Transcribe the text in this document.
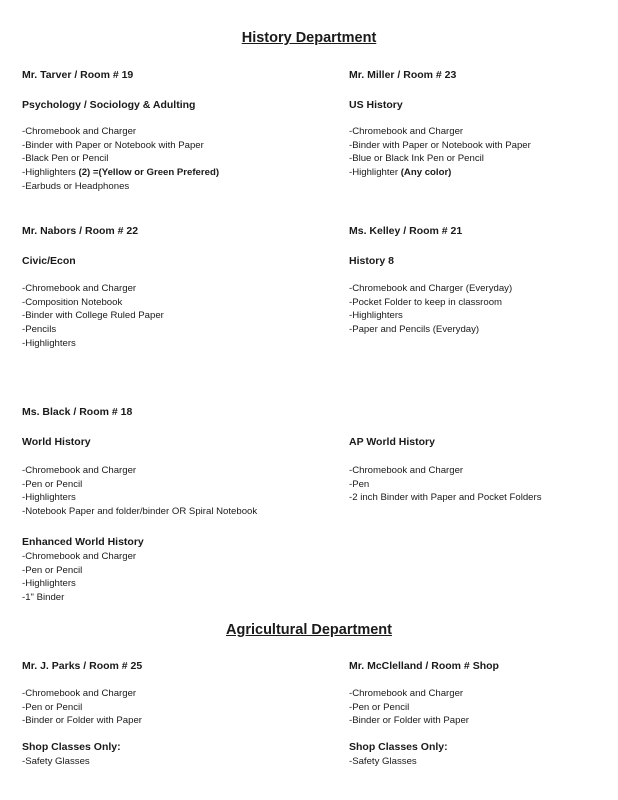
History Department
Mr. Tarver / Room # 19
Psychology / Sociology & Adulting
-Chromebook and Charger
-Binder with Paper or Notebook with Paper
-Black Pen or Pencil
-Highlighters (2) =(Yellow or Green Prefered)
-Earbuds or Headphones
Mr. Miller / Room # 23
US History
-Chromebook and Charger
-Binder with Paper or Notebook with Paper
-Blue or Black Ink Pen or Pencil
-Highlighter (Any color)
Mr. Nabors / Room # 22
Civic/Econ
-Chromebook and Charger
-Composition Notebook
-Binder with College Ruled Paper
-Pencils
-Highlighters
Ms. Kelley / Room # 21
History 8
-Chromebook and Charger (Everyday)
-Pocket Folder to keep in classroom
-Highlighters
-Paper and Pencils (Everyday)
Ms. Black / Room # 18
World History
-Chromebook and Charger
-Pen or Pencil
-Highlighters
-Notebook Paper and folder/binder OR Spiral Notebook
Enhanced World History
-Chromebook and Charger
-Pen or Pencil
-Highlighters
-1" Binder
AP World History
-Chromebook and Charger
-Pen
-2 inch Binder with Paper and Pocket Folders
Agricultural Department
Mr. J. Parks / Room # 25
-Chromebook and Charger
-Pen or Pencil
-Binder or Folder with Paper
Shop Classes Only:
-Safety Glasses
Mr. McClelland / Room # Shop
-Chromebook and Charger
-Pen or Pencil
-Binder or Folder with Paper
Shop Classes Only:
-Safety Glasses
